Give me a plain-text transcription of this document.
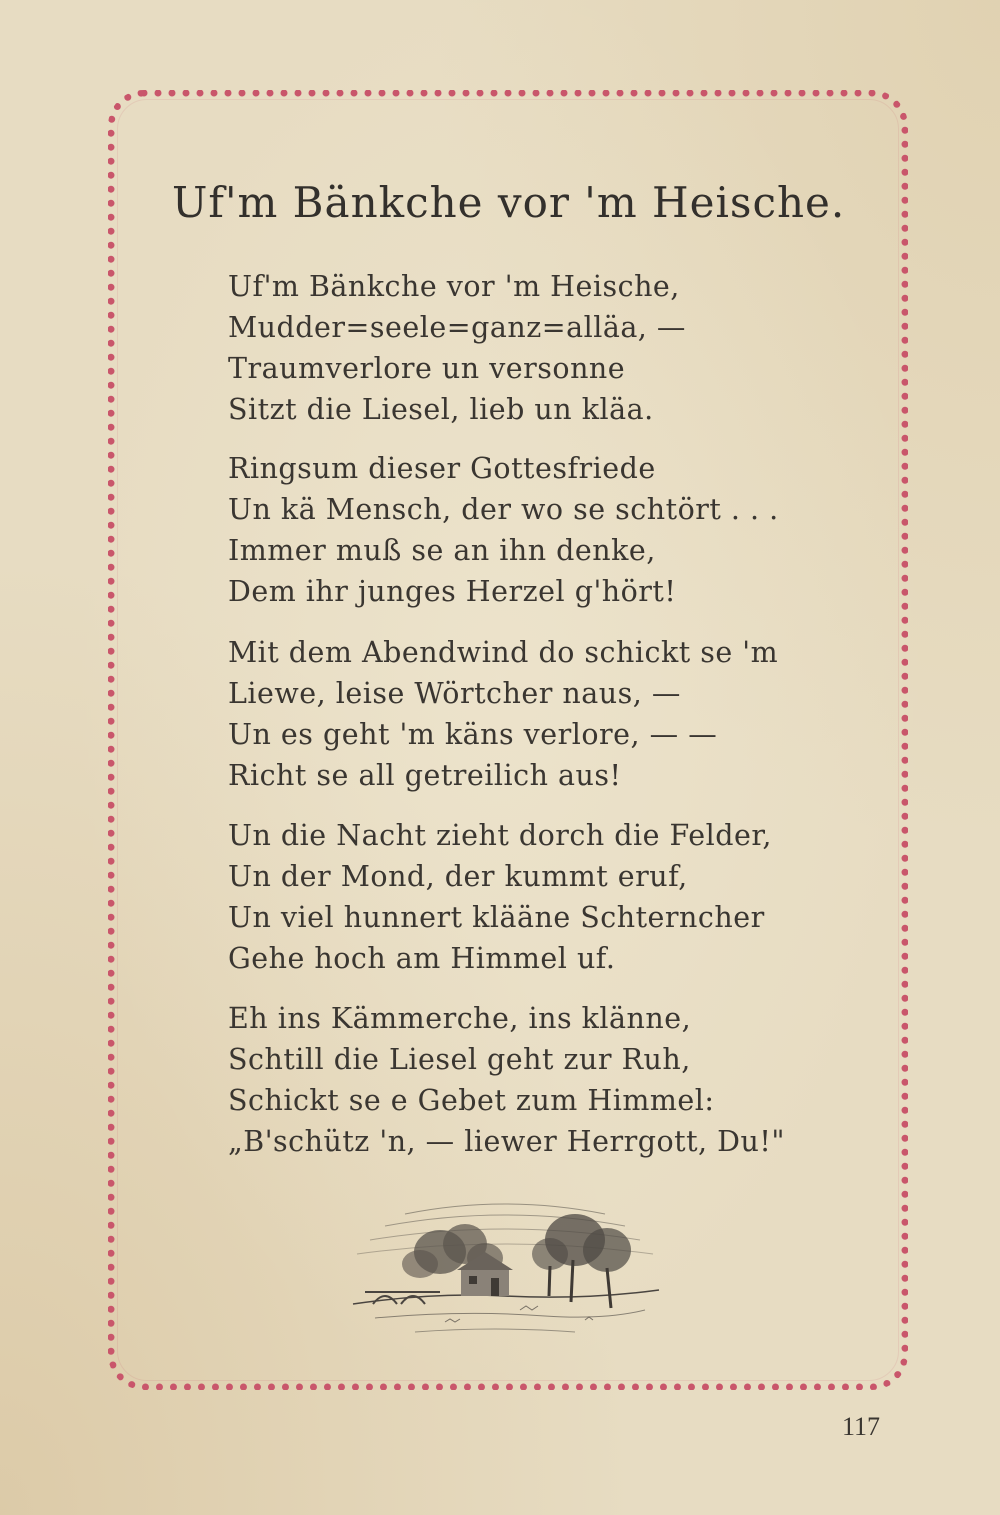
Uf'm Bänkche vor 'm Heische.
Uf'm Bänkche vor 'm Heische,
Mudder=seele=ganz=alläa, —
Traumverlore un versonne
Sitzt die Liesel, lieb un kläa.
Ringsum dieser Gottesfriede
Un kä Mensch, der wo se schtört . . .
Immer muß se an ihn denke,
Dem ihr junges Herzel g'hört!
Mit dem Abendwind do schickt se 'm
Liewe, leise Wörtcher naus, —
Un es geht 'm käns verlore, — —
Richt se all getreilich aus!
Un die Nacht zieht dorch die Felder,
Un der Mond, der kummt eruf,
Un viel hunnert klääne Schterncher
Gehe hoch am Himmel uf.
Eh ins Kämmerche, ins klänne,
Schtill die Liesel geht zur Ruh,
Schickt se e Gebet zum Himmel:
„B'schütz 'n, — liewer Herrgott, Du!"
117
